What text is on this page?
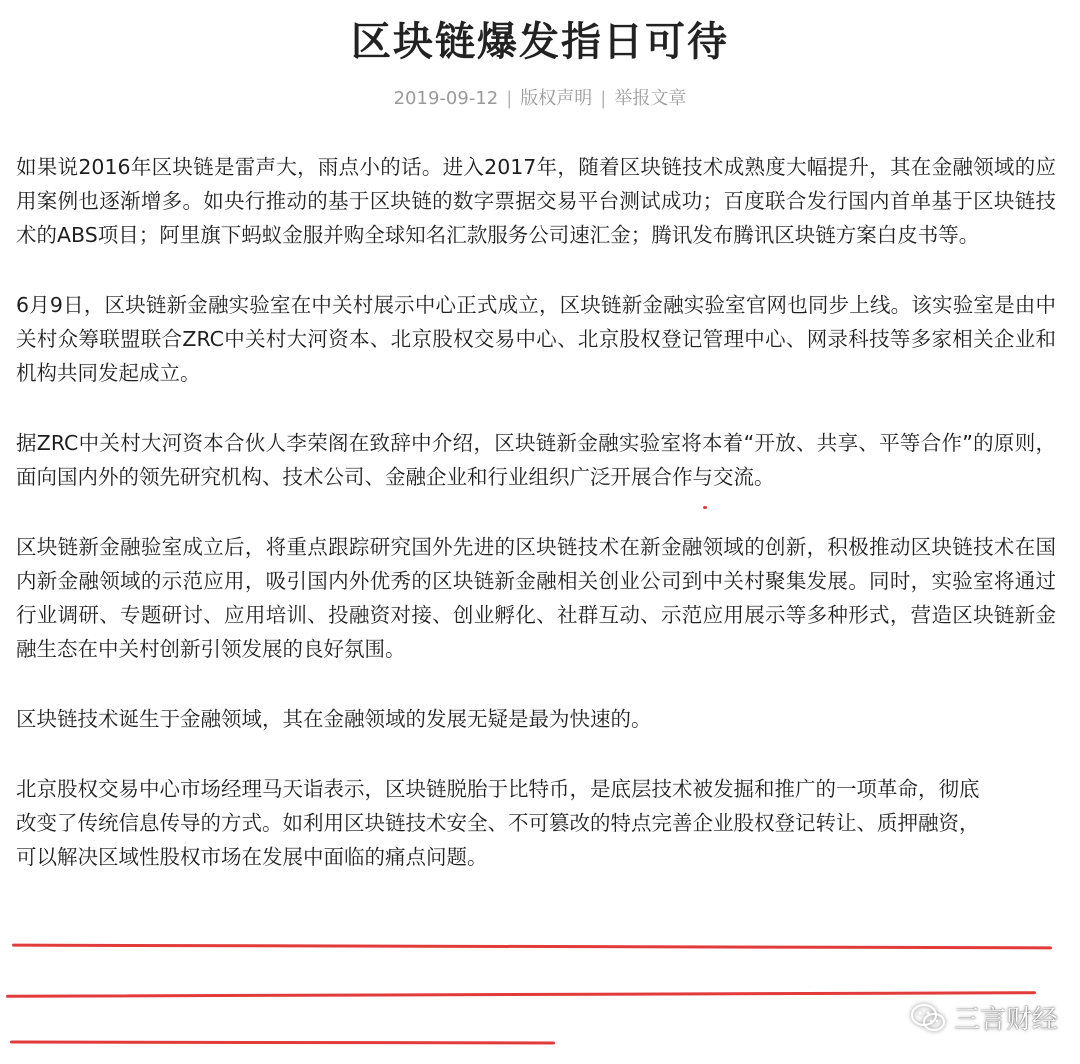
区块链爆发指日可待
2019-09-12 | 版权声明 | 举报文章

如果说2016年区块链是雷声大，雨点小的话。进入2017年，随着区块链技术成熟度大幅提升，其在金融领域的应用案例也逐渐增多。如央行推动的基于区块链的数字票据交易平台测试成功；百度联合发行国内首单基于区块链技术的ABS项目；阿里旗下蚂蚁金服并购全球知名汇款服务公司速汇金；腾讯发布腾讯区块链方案白皮书等。

6月9日，区块链新金融实验室在中关村展示中心正式成立，区块链新金融实验室官网也同步上线。该实验室是由中关村众筹联盟联合ZRC中关村大河资本、北京股权交易中心、北京股权登记管理中心、网录科技等多家相关企业和机构共同发起成立。

据ZRC中关村大河资本合伙人李荣阁在致辞中介绍，区块链新金融实验室将本着“开放、共享、平等合作”的原则，面向国内外的领先研究机构、技术公司、金融企业和行业组织广泛开展合作与交流。

区块链新金融验室成立后，将重点跟踪研究国外先进的区块链技术在新金融领域的创新，积极推动区块链技术在国内新金融领域的示范应用，吸引国内外优秀的区块链新金融相关创业公司到中关村聚集发展。同时，实验室将通过行业调研、专题研讨、应用培训、投融资对接、创业孵化、社群互动、示范应用展示等多种形式，营造区块链新金融生态在中关村创新引领发展的良好氛围。

区块链技术诞生于金融领域，其在金融领域的发展无疑是最为快速的。

北京股权交易中心市场经理马天诣表示，区块链脱胎于比特币，是底层技术被发掘和推广的一项革命，彻底
改变了传统信息传导的方式。如利用区块链技术安全、不可篡改的特点完善企业股权登记转让、质押融资，
可以解决区域性股权市场在发展中面临的痛点问题。
三言财经
